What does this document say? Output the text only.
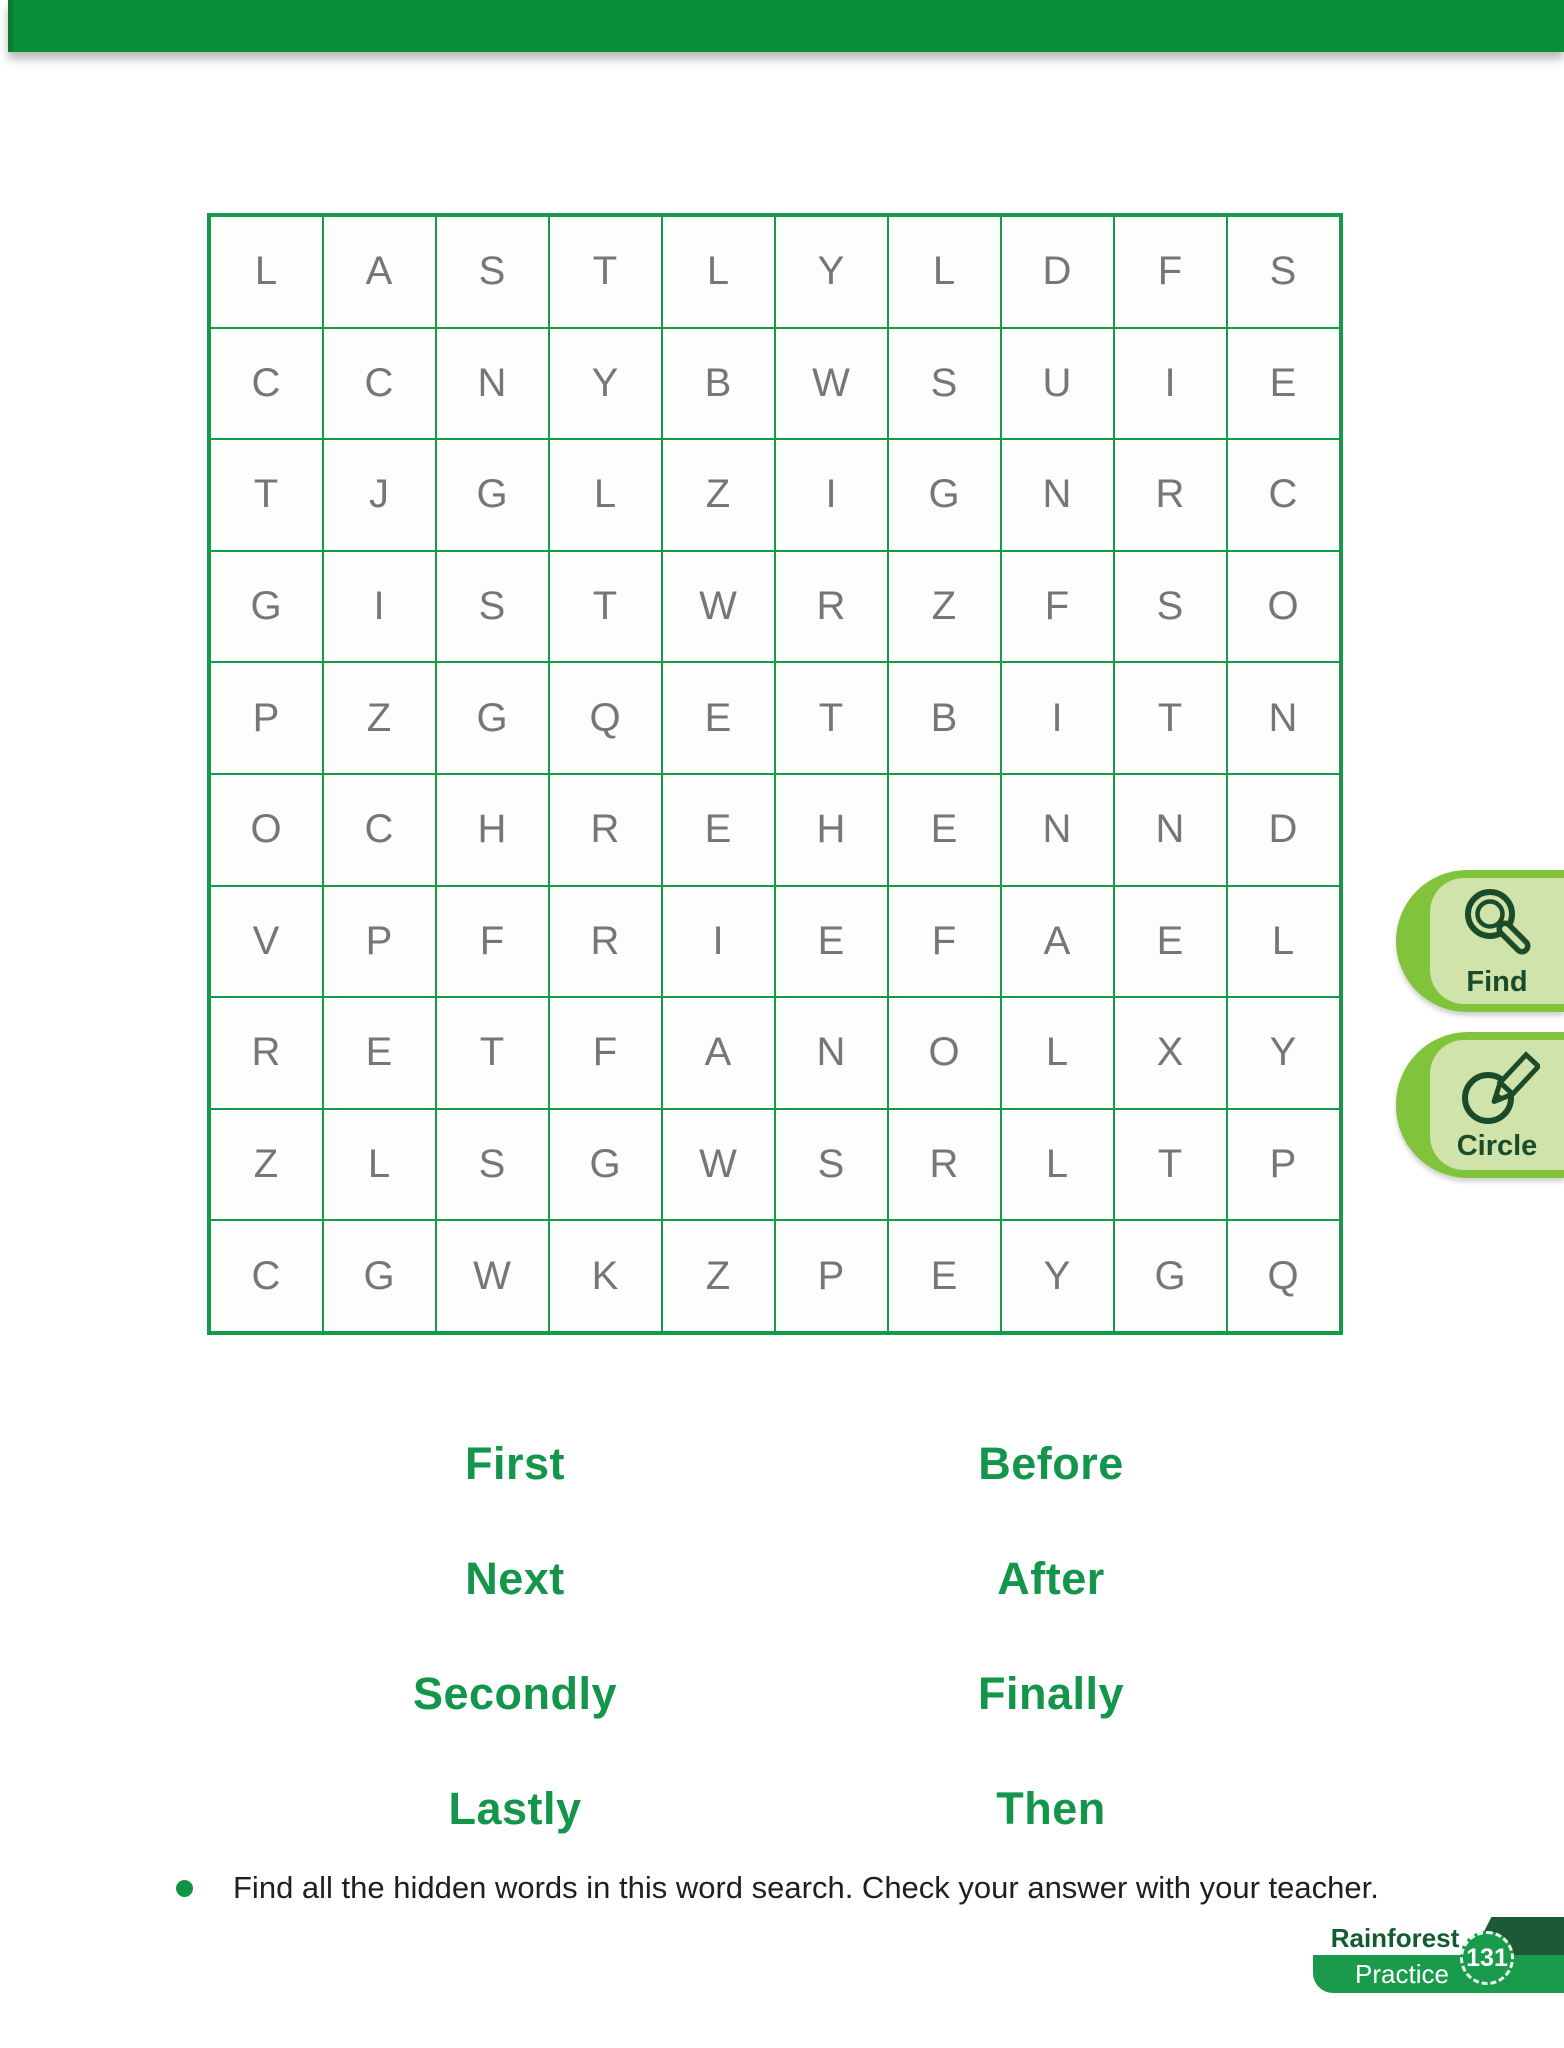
L	A	S	T	L	Y	L	D	F	S
C	C	N	Y	B	W	S	U	I	E
T	J	G	L	Z	I	G	N	R	C
G	I	S	T	W	R	Z	F	S	O
P	Z	G	Q	E	T	B	I	T	N
O	C	H	R	E	H	E	N	N	D
V	P	F	R	I	E	F	A	E	L
R	E	T	F	A	N	O	L	X	Y
Z	L	S	G	W	S	R	L	T	P
C	G	W	K	Z	P	E	Y	G	Q
Find
Circle
First
Next
Secondly
Lastly
Before
After
Finally
Then
Find all the hidden words in this word search. Check your answer with your teacher.
Rainforest
Practice
131
